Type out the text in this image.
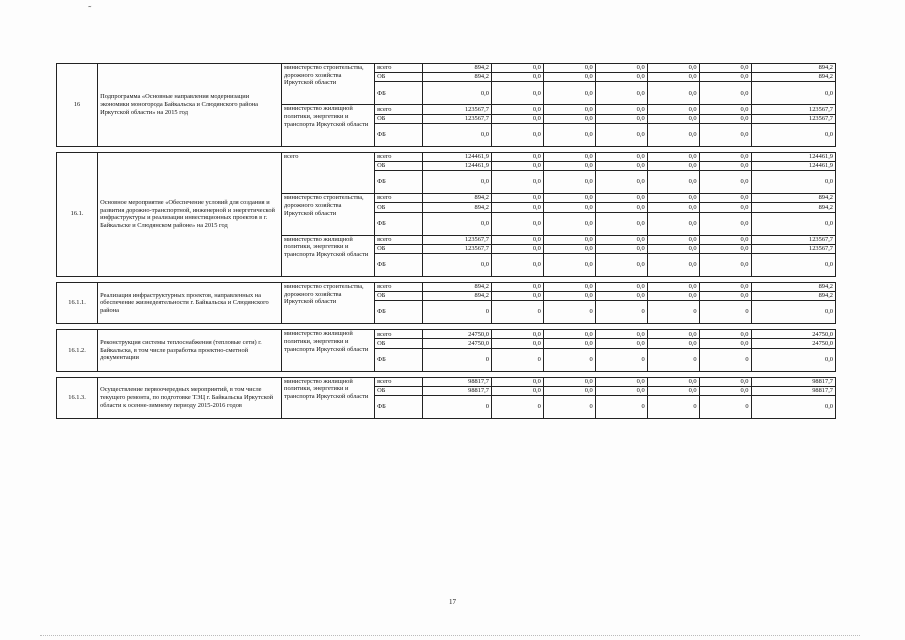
˜
16	Подпрограмма «Основные направления модернизации экономики моногорода Байкальска и Слюдянского района Иркутской области» на 2015 год	министерство строительства, дорожного хозяйства Иркутской области	всего	894,2	0,0	0,0	0,0	0,0	0,0	894,2
			ОБ	894,2	0,0	0,0	0,0	0,0	0,0	894,2
			ФБ	0,0	0,0	0,0	0,0	0,0	0,0	0,0
		министерство жилищной политики, энергетики и транспорта Иркутской области	всего	123567,7	0,0	0,0	0,0	0,0	0,0	123567,7
			ОБ	123567,7	0,0	0,0	0,0	0,0	0,0	123567,7
			ФБ	0,0	0,0	0,0	0,0	0,0	0,0	0,0

16.1.	Основное мероприятие «Обеспечение условий для создания и развития дорожно-транспортной, инженерной и энергетической инфраструктуры и реализации инвестиционных проектов в г. Байкальске и Слюдянском районе» на 2015 год	всего	всего	124461,9	0,0	0,0	0,0	0,0	0,0	124461,9
			ОБ	124461,9	0,0	0,0	0,0	0,0	0,0	124461,9
			ФБ	0,0	0,0	0,0	0,0	0,0	0,0	0,0
		министерство строительства, дорожного хозяйства Иркутской области	всего	894,2	0,0	0,0	0,0	0,0	0,0	894,2
			ОБ	894,2	0,0	0,0	0,0	0,0	0,0	894,2
			ФБ	0,0	0,0	0,0	0,0	0,0	0,0	0,0
		министерство жилищной политики, энергетики и транспорта Иркутской области	всего	123567,7	0,0	0,0	0,0	0,0	0,0	123567,7
			ОБ	123567,7	0,0	0,0	0,0	0,0	0,0	123567,7
			ФБ	0,0	0,0	0,0	0,0	0,0	0,0	0,0

16.1.1.	Реализация инфраструктурных проектов, направленных на обеспечение жизнедеятельности г. Байкальска и Слюдянского района	министерство строительства, дорожного хозяйства Иркутской области	всего	894,2	0,0	0,0	0,0	0,0	0,0	894,2
			ОБ	894,2	0,0	0,0	0,0	0,0	0,0	894,2
			ФБ	0	0	0	0	0	0	0,0

16.1.2.	Реконструкция системы теплоснабжения (тепловые сети) г. Байкальска, в том числе разработка проектно-сметной документации	министерство жилищной политики, энергетики и транспорта Иркутской области	всего	24750,0	0,0	0,0	0,0	0,0	0,0	24750,0
			ОБ	24750,0	0,0	0,0	0,0	0,0	0,0	24750,0
			ФБ	0	0	0	0	0	0	0,0

16.1.3.	Осуществление первоочередных мероприятий, в том числе текущего ремонта, по подготовке ТЭЦ г. Байкальска Иркутской области к осенне-зимнему периоду 2015-2016 годов	министерство жилищной политики, энергетики и транспорта Иркутской области	всего	98817,7	0,0	0,0	0,0	0,0	0,0	98817,7
			ОБ	98817,7	0,0	0,0	0,0	0,0	0,0	98817,7
			ФБ	0	0	0	0	0	0	0,0
17
